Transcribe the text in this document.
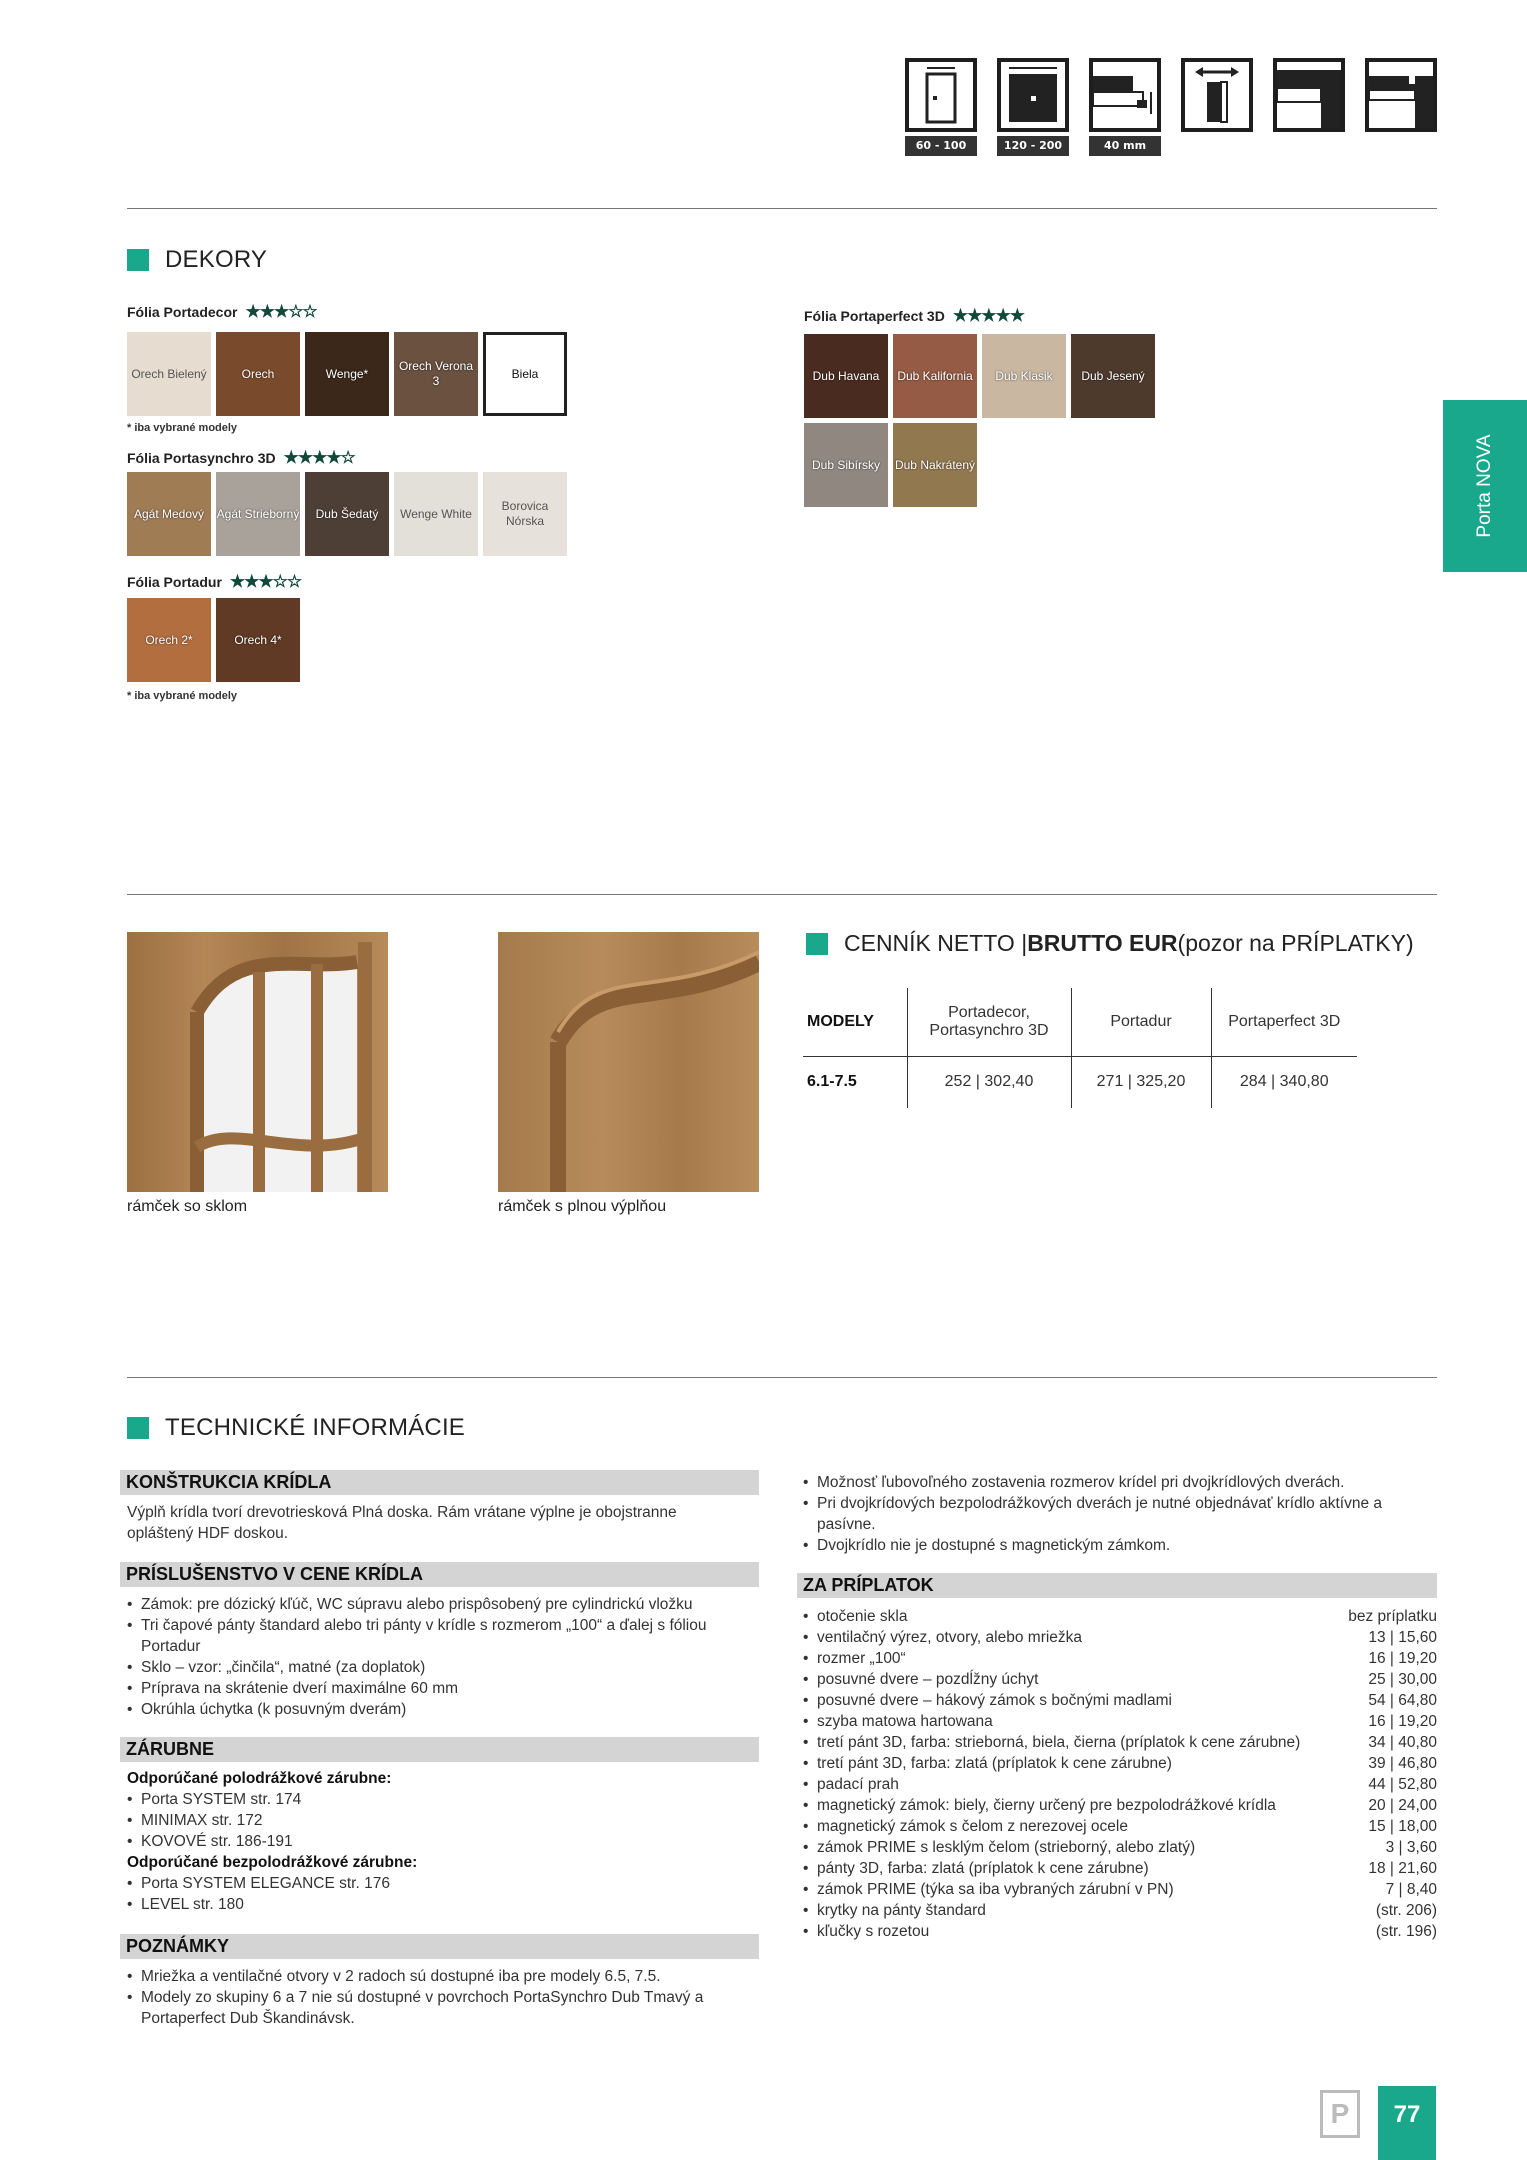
60 - 100	120 - 200	40 mm
Porta NOVA
DEKORY
Fólia Portadecor ★★★☆☆
Orech Bielený	Orech	Wenge*
Orech Verona 3
Biela
* iba vybrané modely
Fólia Portasynchro 3D ★★★★☆
Agát Medový	Agát Strieborný	Dub Šedatý	Wenge White
Borovica Nórska
Fólia Portadur ★★★☆☆
Orech 2*	Orech 4*
* iba vybrané modely
Fólia Portaperfect 3D ★★★★★
Dub Havana	Dub Kalifornia	Dub Klasik	Dub Jesený
Dub Sibírsky	Dub Nakrátený
rámček so sklom	rámček s plnou výplňou
CENNÍK NETTO | BRUTTO EUR (pozor na PRÍPLATKY)
MODELY	Portadecor, Portasynchro 3D	Portadur	Portaperfect 3D
6.1-7.5	252 | 302,40	271 | 325,20	284 | 340,80
TECHNICKÉ INFORMÁCIE
KONŠTRUKCIA KRÍDLA
Výplň krídla tvorí drevotriesková Plná doska. Rám vrátane výplne je obojstranne opláštený HDF doskou.
PRÍSLUŠENSTVO V CENE KRÍDLA
• Zámok: pre dózický kľúč, WC súpravu alebo prispôsobený pre cylindrickú vložku
• Tri čapové pánty štandard alebo tri pánty v krídle s rozmerom „100“ a ďalej s fóliou Portadur
• Sklo – vzor: „činčila“, matné (za doplatok)
• Príprava na skrátenie dverí maximálne 60 mm
• Okrúhla úchytka (k posuvným dverám)
ZÁRUBNE
Odporúčané polodrážkové zárubne:
• Porta SYSTEM str. 174
• MINIMAX str. 172
• KOVOVÉ str. 186-191
Odporúčané bezpolodrážkové zárubne:
• Porta SYSTEM ELEGANCE str. 176
• LEVEL str. 180
POZNÁMKY
• Mriežka a ventilačné otvory v 2 radoch sú dostupné iba pre modely 6.5, 7.5.
• Modely zo skupiny 6 a 7 nie sú dostupné v povrchoch PortaSynchro Dub Tmavý a Portaperfect Dub Škandinávsk.
• Možnosť ľubovoľného zostavenia rozmerov krídel pri dvojkrídlových dverách.
• Pri dvojkrídových bezpolodrážkových dverách je nutné objednávať krídlo aktívne a pasívne.
• Dvojkrídlo nie je dostupné s magnetickým zámkom.
ZA PRÍPLATOK
• otočenie skla	bez príplatku
• ventilačný výrez, otvory, alebo mriežka	13 | 15,60
• rozmer „100“	16 | 19,20
• posuvné dvere – pozdĺžny úchyt	25 | 30,00
• posuvné dvere – hákový zámok s bočnými madlami	54 | 64,80
• szyba matowa hartowana	16 | 19,20
• tretí pánt 3D, farba: strieborná, biela, čierna (príplatok k cene zárubne)	34 | 40,80
• tretí pánt 3D, farba: zlatá (príplatok k cene zárubne)	39 | 46,80
• padací prah	44 | 52,80
• magnetický zámok: biely, čierny určený pre bezpolodrážkové krídla	20 | 24,00
• magnetický zámok s čelom z nerezovej ocele	15 | 18,00
• zámok PRIME s lesklým čelom (strieborný, alebo zlatý)	3 | 3,60
• pánty 3D, farba: zlatá (príplatok k cene zárubne)	18 | 21,60
• zámok PRIME (týka sa iba vybraných zárubní v PN)	7 | 8,40
• krytky na pánty štandard	(str. 206)
• kľučky s rozetou	(str. 196)
P	77
